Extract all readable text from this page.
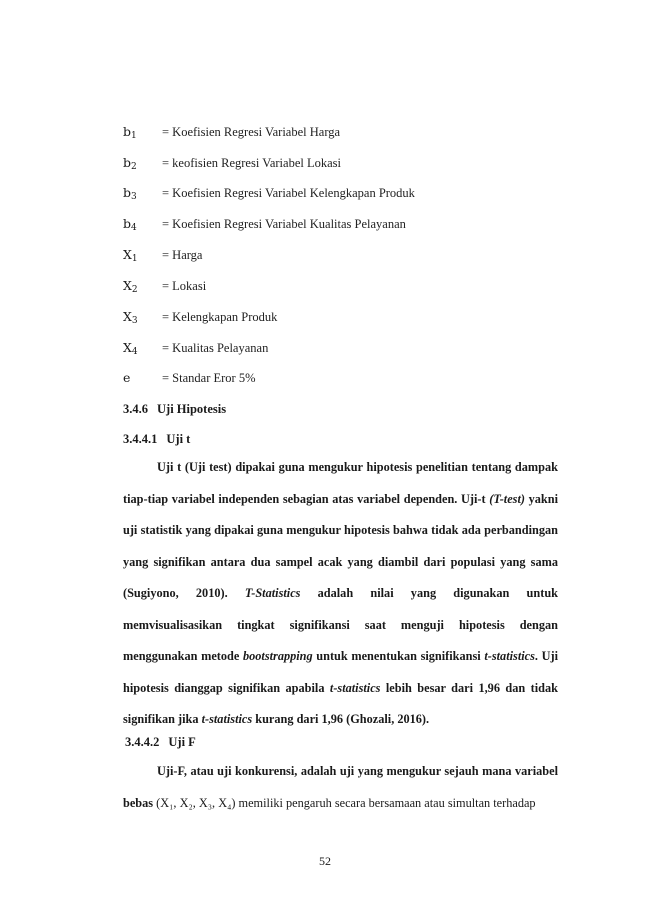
$b_1$ = Koefisien Regresi Variabel Harga
$b_2$ = keofisien Regresi Variabel Lokasi
$b_3$ = Koefisien Regresi Variabel Kelengkapan Produk
$b_4$ = Koefisien Regresi Variabel Kualitas Pelayanan
$X_1$ = Harga
$X_2$ = Lokasi
$X_3$ = Kelengkapan Produk
$X_4$ = Kualitas Pelayanan
e	= Standar Eror 5%
3.4.6 Uji Hipotesis
3.4.4.1 Uji t
Uji t (Uji test) dipakai guna mengukur hipotesis penelitian tentang dampak
tiap-tiap variabel independen sebagian atas variabel dependen. Uji-t (T-test) yakni
uji statistik yang dipakai guna mengukur hipotesis bahwa tidak ada perbandingan
yang signifikan antara dua sampel acak yang diambil dari populasi yang sama
(Sugiyono, 2010). T-Statistics adalah nilai yang digunakan untuk
memvisualisasikan tingkat signifikansi saat menguji hipotesis dengan
menggunakan metode bootstrapping untuk menentukan signifikansi t-statistics. Uji
hipotesis dianggap signifikan apabila t-statistics lebih besar dari 1,96 dan tidak
signifikan jika t-statistics kurang dari 1,96 (Ghozali, 2016).
3.4.4.2 Uji F
Uji-F, atau uji konkurensi, adalah uji yang mengukur sejauh mana variabel
bebas (X₁, X₂, X₃, X₄) memiliki pengaruh secara bersamaan atau simultan terhadap
52
